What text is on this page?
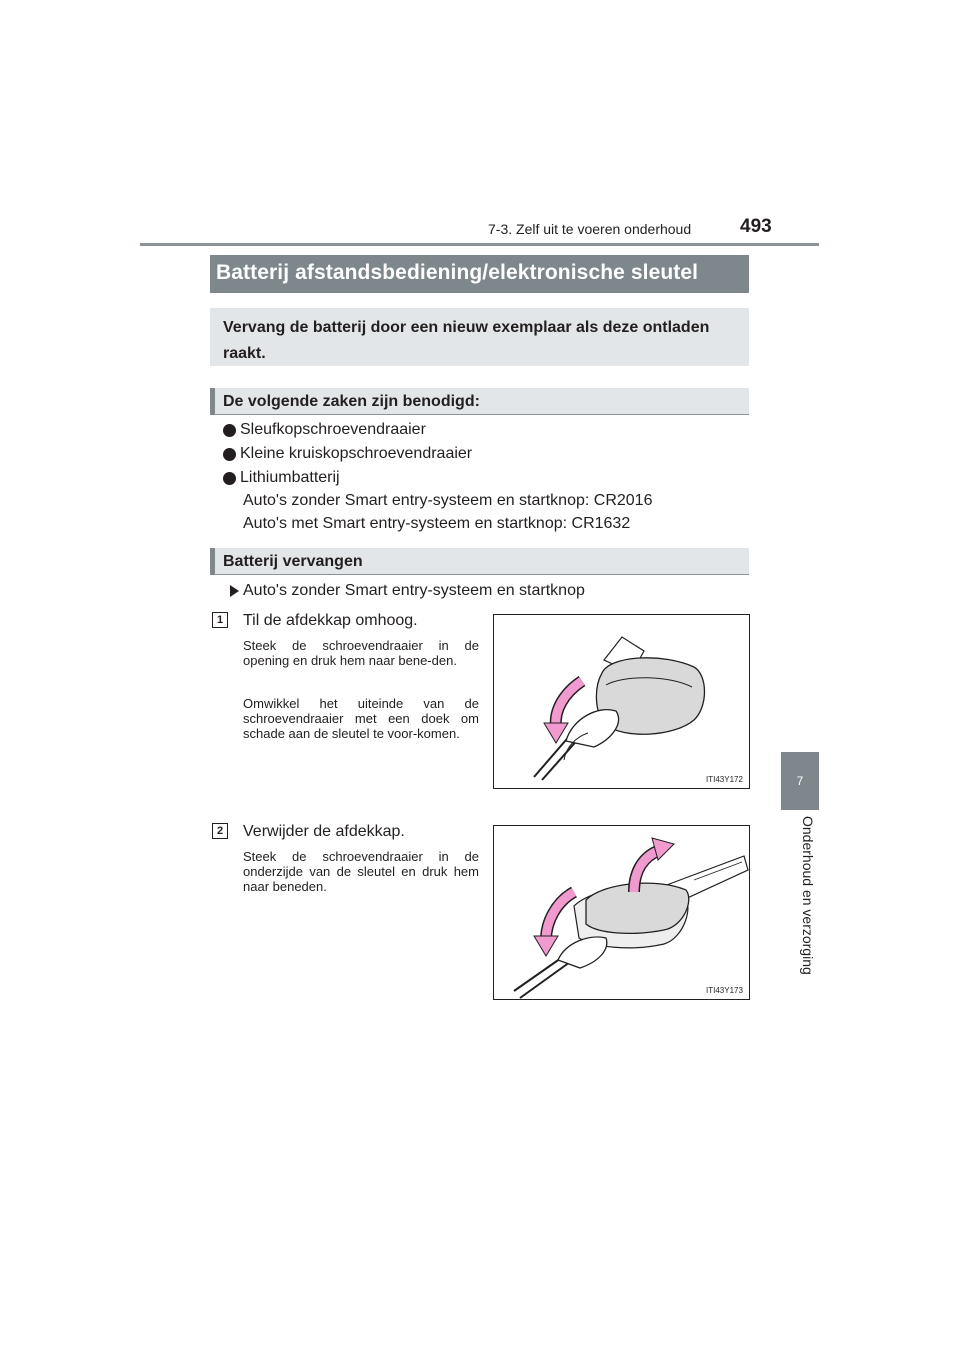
7-3. Zelf uit te voeren onderhoud	493
7
Onderhoud en verzorging
Batterij afstandsbediening/elektronische sleutel
Vervang de batterij door een nieuw exemplaar als deze ontladen raakt.
De volgende zaken zijn benodigd:
Sleufkopschroevendraaier
Kleine kruiskopschroevendraaier
Lithiumbatterij
Auto's zonder Smart entry-systeem en startknop: CR2016
Auto's met Smart entry-systeem en startknop: CR1632
Batterij vervangen
Auto's zonder Smart entry-systeem en startknop
1	Til de afdekkap omhoog.
Steek de schroevendraaier in de opening en druk hem naar bene-den.
Omwikkel het uiteinde van de schroevendraaier met een doek om schade aan de sleutel te voor-komen.
ITI43Y172
2	Verwijder de afdekkap.
Steek de schroevendraaier in de onderzijde van de sleutel en druk hem naar beneden.
ITI43Y173
